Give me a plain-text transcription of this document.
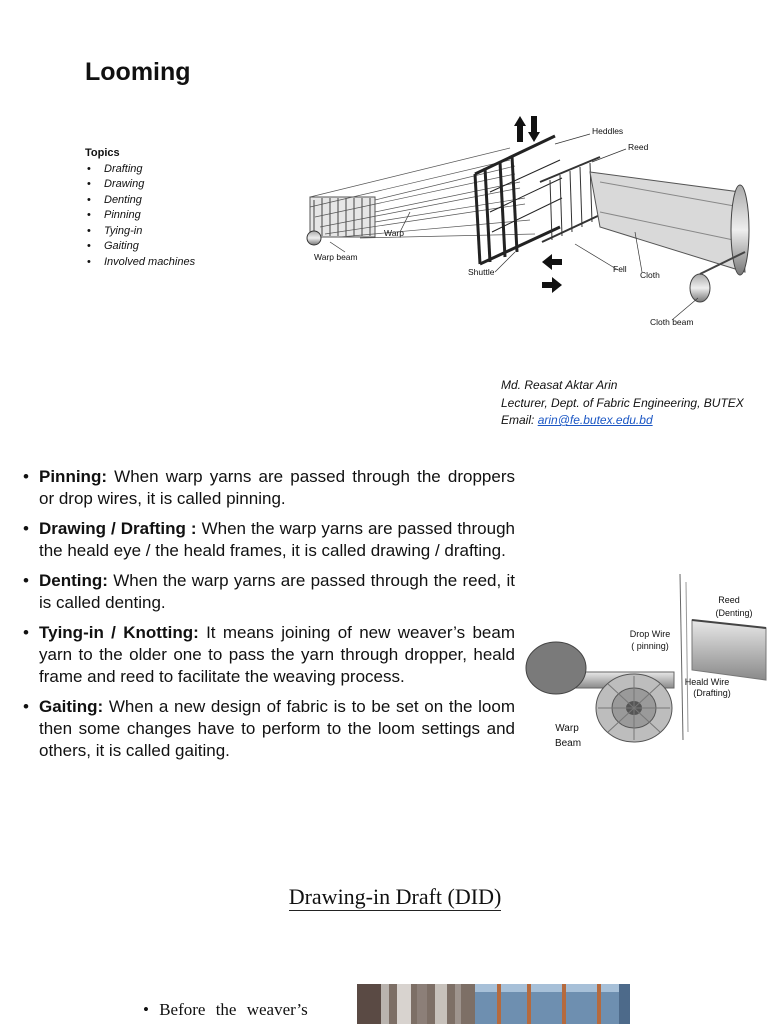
Looming
Topics
• Drafting
• Drawing
• Denting
• Pinning
• Tying-in
• Gaiting
• Involved machines
Heddles
Reed
Warp
Warp beam
Shuttle	Fell
Cloth
Cloth beam
Md. Reasat Aktar Arin
Lecturer, Dept. of Fabric Engineering, BUTEX
Email: arin@fe.butex.edu.bd
• Pinning: When warp yarns are passed through the droppers or drop wires, it is called pinning.
• Drawing / Drafting : When the warp yarns are passed through the heald eye / the heald frames, it is called drawing / drafting.
• Denting: When the warp yarns are passed through the reed, it is called denting.
• Tying-in / Knotting: It means joining of new weaver’s beam yarn to the older one to pass the yarn through dropper, heald frame and reed to facilitate the weaving process.
• Gaiting: When a new design of fabric is to be set on the loom then some changes have to perform to the loom settings and others, it is called gaiting.
Reed
(Denting)
Drop Wire
( pinning)
Heald Wire
(Drafting)
Warp
Beam
Drawing-in Draft (DID)
• Before the weaver’s
